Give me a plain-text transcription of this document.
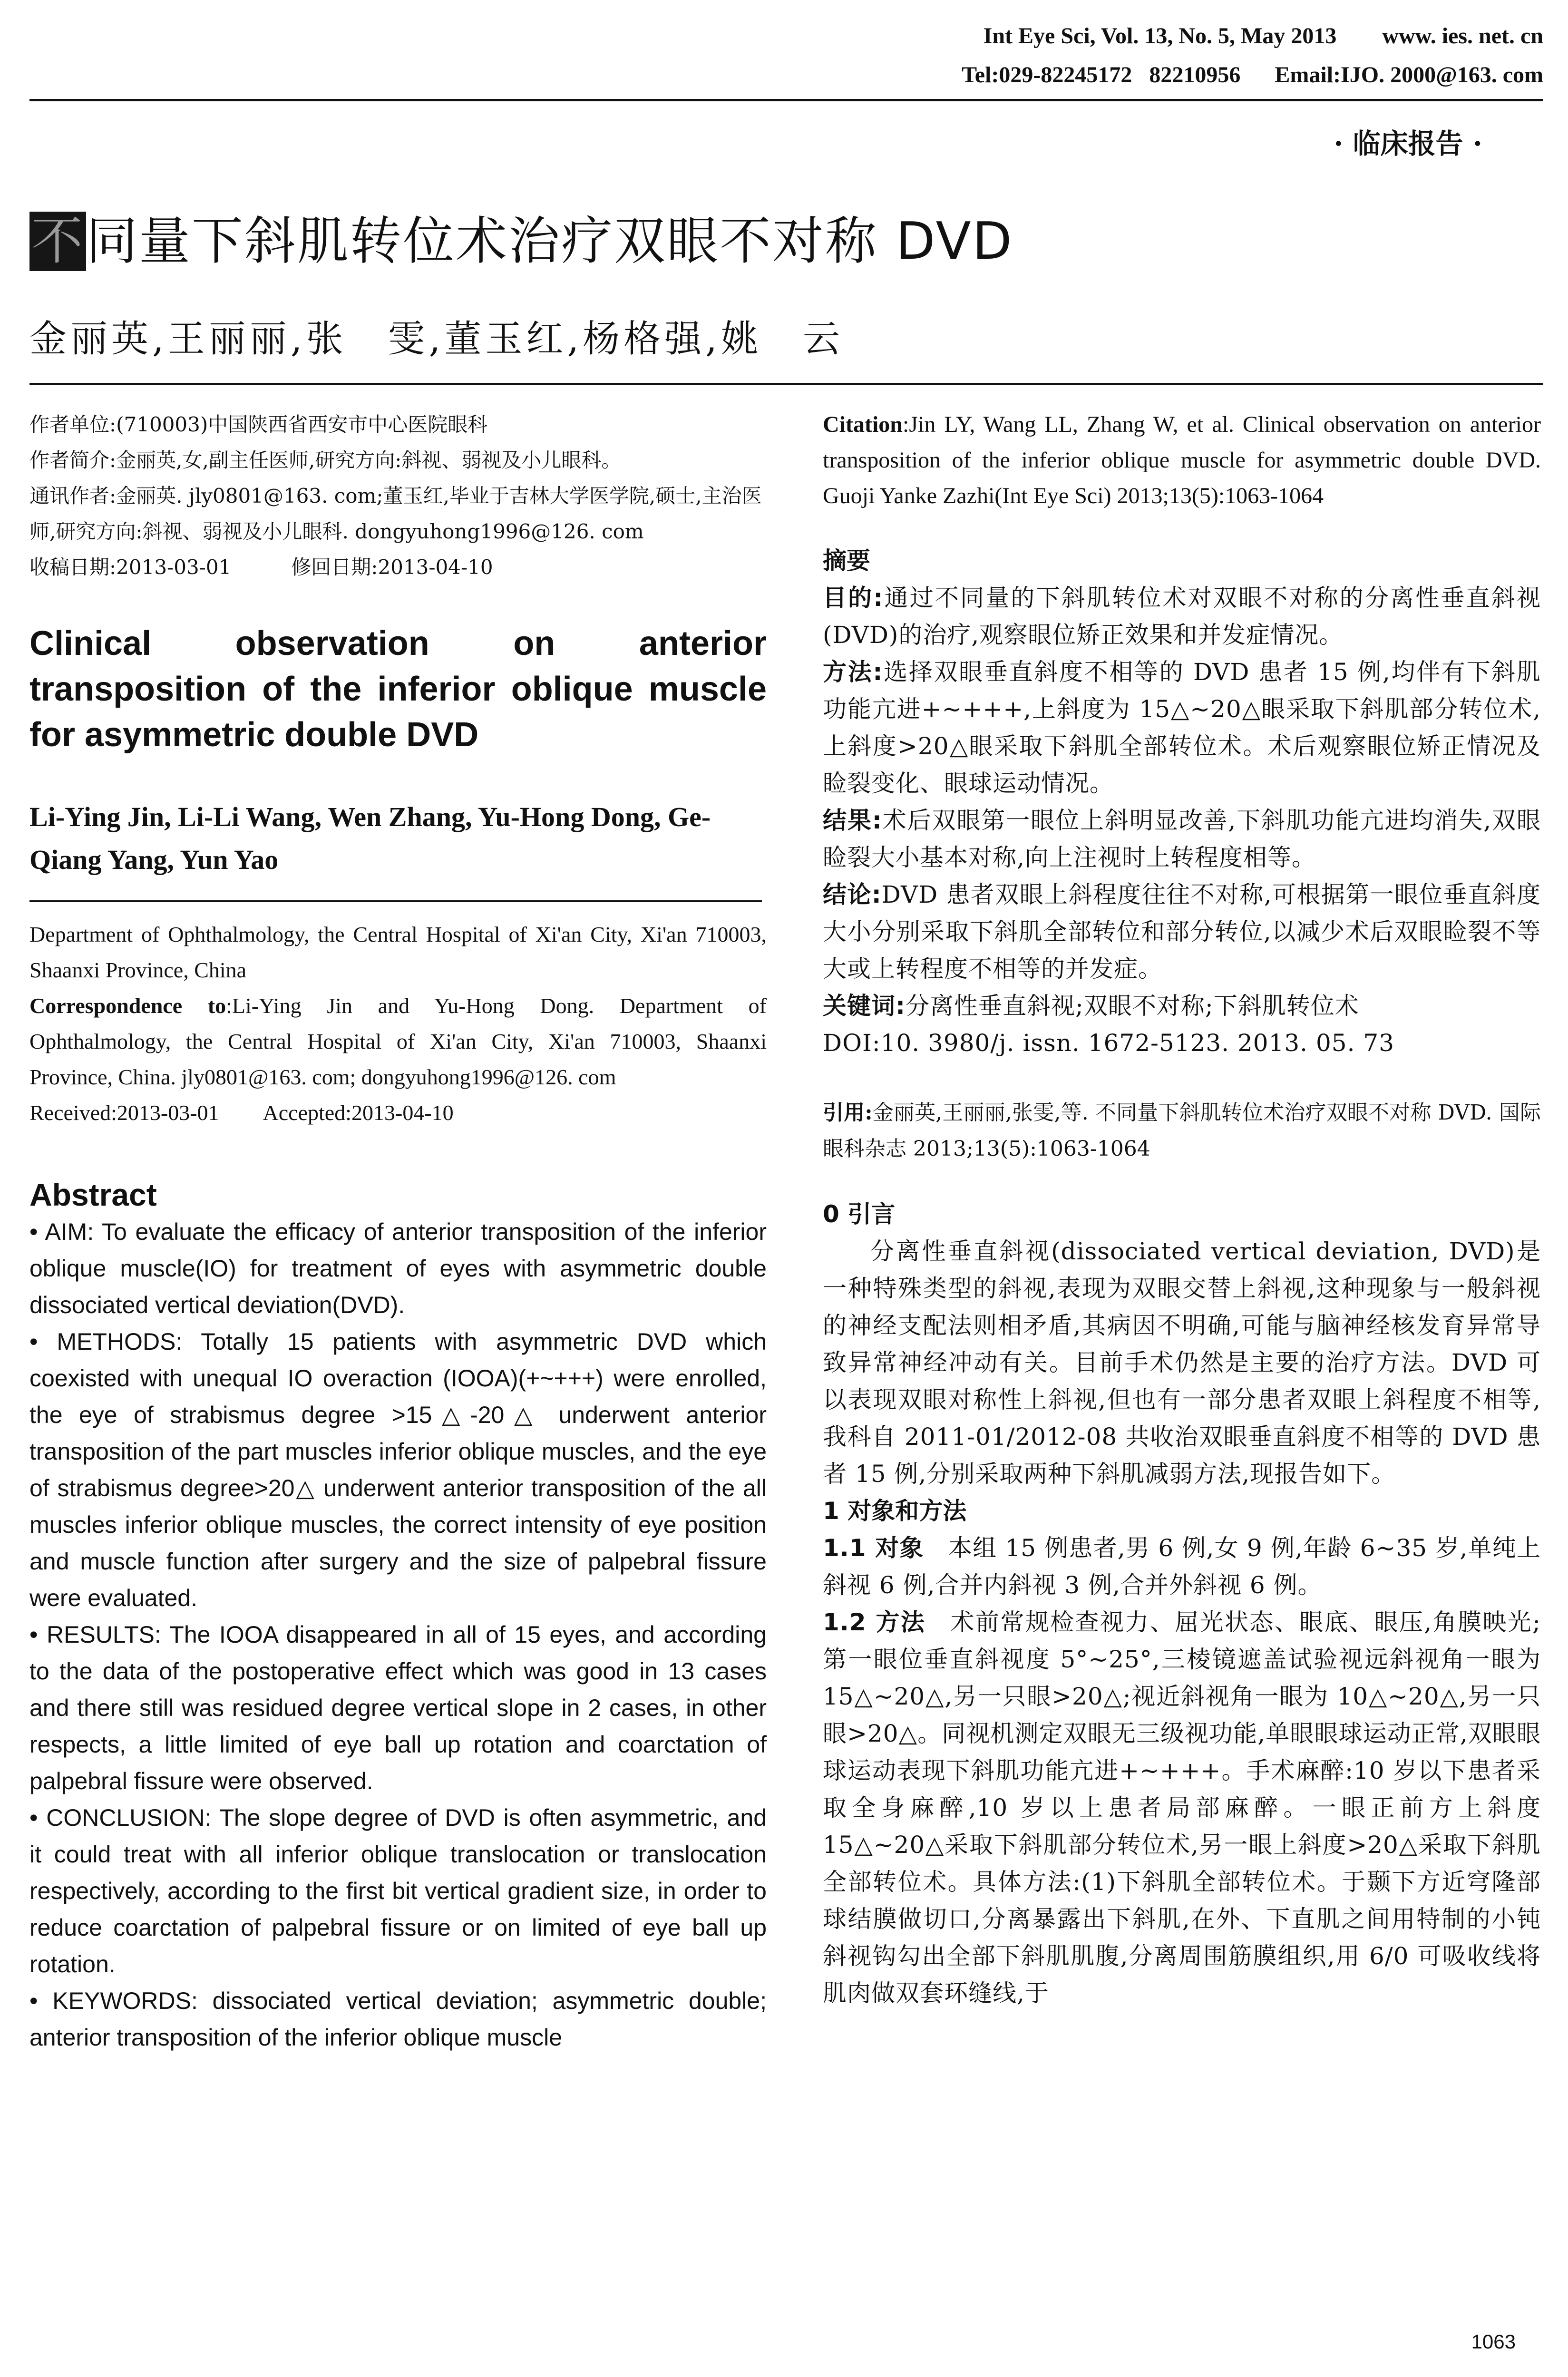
Int Eye Sci, Vol. 13, No. 5, May 2013        www. ies. net. cn
Tel:029-82245172   82210956      Email:IJO. 2000@163. com
· 临床报告 ·
不同量下斜肌转位术治疗双眼不对称 DVD
金丽英,王丽丽,张　雯,董玉红,杨格强,姚　云

作者单位:(710003)中国陕西省西安市中心医院眼科

作者简介:金丽英,女,副主任医师,研究方向:斜视、弱视及小儿眼科。

通讯作者:金丽英. jly0801@163. com;董玉红,毕业于吉林大学医学院,硕士,主治医师,研究方向:斜视、弱视及小儿眼科. dongyuhong1996@126. com

收稿日期:2013-03-01　　　修回日期:2013-04-10

Clinical observation on anterior transposition of the inferior oblique muscle for asymmetric double DVD

Li-Ying Jin, Li-Li Wang, Wen Zhang, Yu-Hong Dong, Ge-Qiang Yang, Yun Yao

Department of Ophthalmology, the Central Hospital of Xi'an City, Xi'an 710003, Shaanxi Province, China
Correspondence to:Li-Ying Jin and Yu-Hong Dong. Department of Ophthalmology, the Central Hospital of Xi'an City, Xi'an 710003, Shaanxi Province, China. jly0801@163. com; dongyuhong1996@126. com
Received:2013-03-01　　Accepted:2013-04-10

Abstract

• AIM: To evaluate the efficacy of anterior transposition of the inferior oblique muscle(IO) for treatment of eyes with asymmetric double dissociated vertical deviation(DVD).

• METHODS: Totally 15 patients with asymmetric DVD which coexisted with unequal IO overaction (IOOA)(+~+++) were enrolled, the eye of strabismus degree >15△-20△ underwent anterior transposition of the part muscles inferior oblique muscles, and the eye of strabismus degree>20△ underwent anterior transposition of the all muscles inferior oblique muscles, the correct intensity of eye position and muscle function after surgery and the size of palpebral fissure were evaluated.

• RESULTS: The IOOA disappeared in all of 15 eyes, and according to the data of the postoperative effect which was good in 13 cases and there still was residued degree vertical slope in 2 cases, in other respects, a little limited of eye ball up rotation and coarctation of palpebral fissure were observed.

• CONCLUSION: The slope degree of DVD is often asymmetric, and it could treat with all inferior oblique translocation or translocation respectively, according to the first bit vertical gradient size, in order to reduce coarctation of palpebral fissure or on limited of eye ball up rotation.

• KEYWORDS: dissociated vertical deviation; asymmetric double; anterior transposition of the inferior oblique muscle

Citation:Jin LY, Wang LL, Zhang W, et al. Clinical observation on anterior transposition of the inferior oblique muscle for asymmetric double DVD. Guoji Yanke Zazhi(Int Eye Sci) 2013;13(5):1063-1064

摘要

目的:通过不同量的下斜肌转位术对双眼不对称的分离性垂直斜视(DVD)的治疗,观察眼位矫正效果和并发症情况。

方法:选择双眼垂直斜度不相等的 DVD 患者 15 例,均伴有下斜肌功能亢进+~+++,上斜度为 15△~20△眼采取下斜肌部分转位术,上斜度>20△眼采取下斜肌全部转位术。术后观察眼位矫正情况及睑裂变化、眼球运动情况。

结果:术后双眼第一眼位上斜明显改善,下斜肌功能亢进均消失,双眼睑裂大小基本对称,向上注视时上转程度相等。

结论:DVD 患者双眼上斜程度往往不对称,可根据第一眼位垂直斜度大小分别采取下斜肌全部转位和部分转位,以减少术后双眼睑裂不等大或上转程度不相等的并发症。

关键词:分离性垂直斜视;双眼不对称;下斜肌转位术

DOI:10. 3980/j. issn. 1672-5123. 2013. 05. 73

引用:金丽英,王丽丽,张雯,等. 不同量下斜肌转位术治疗双眼不对称 DVD. 国际眼科杂志 2013;13(5):1063-1064

0 引言

分离性垂直斜视(dissociated vertical deviation, DVD)是一种特殊类型的斜视,表现为双眼交替上斜视,这种现象与一般斜视的神经支配法则相矛盾,其病因不明确,可能与脑神经核发育异常导致异常神经冲动有关。目前手术仍然是主要的治疗方法。DVD 可以表现双眼对称性上斜视,但也有一部分患者双眼上斜程度不相等,我科自 2011-01/2012-08 共收治双眼垂直斜度不相等的 DVD 患者 15 例,分别采取两种下斜肌减弱方法,现报告如下。

1 对象和方法

1.1 对象　 本组 15 例患者,男 6 例,女 9 例,年龄 6~35 岁,单纯上斜视 6 例,合并内斜视 3 例,合并外斜视 6 例。

1.2 方法　 术前常规检查视力、屈光状态、眼底、眼压,角膜映光;第一眼位垂直斜视度 5°~25°,三棱镜遮盖试验视远斜视角一眼为 15△~20△,另一只眼>20△;视近斜视角一眼为 10△~20△,另一只眼>20△。同视机测定双眼无三级视功能,单眼眼球运动正常,双眼眼球运动表现下斜肌功能亢进+~+++。手术麻醉:10 岁以下患者采取全身麻醉,10 岁以上患者局部麻醉。一眼正前方上斜度 15△~20△采取下斜肌部分转位术,另一眼上斜度>20△采取下斜肌全部转位术。具体方法:(1)下斜肌全部转位术。于颞下方近穹隆部球结膜做切口,分离暴露出下斜肌,在外、下直肌之间用特制的小钝斜视钩勾出全部下斜肌肌腹,分离周围筋膜组织,用 6/0 可吸收线将肌肉做双套环缝线,于

1063
